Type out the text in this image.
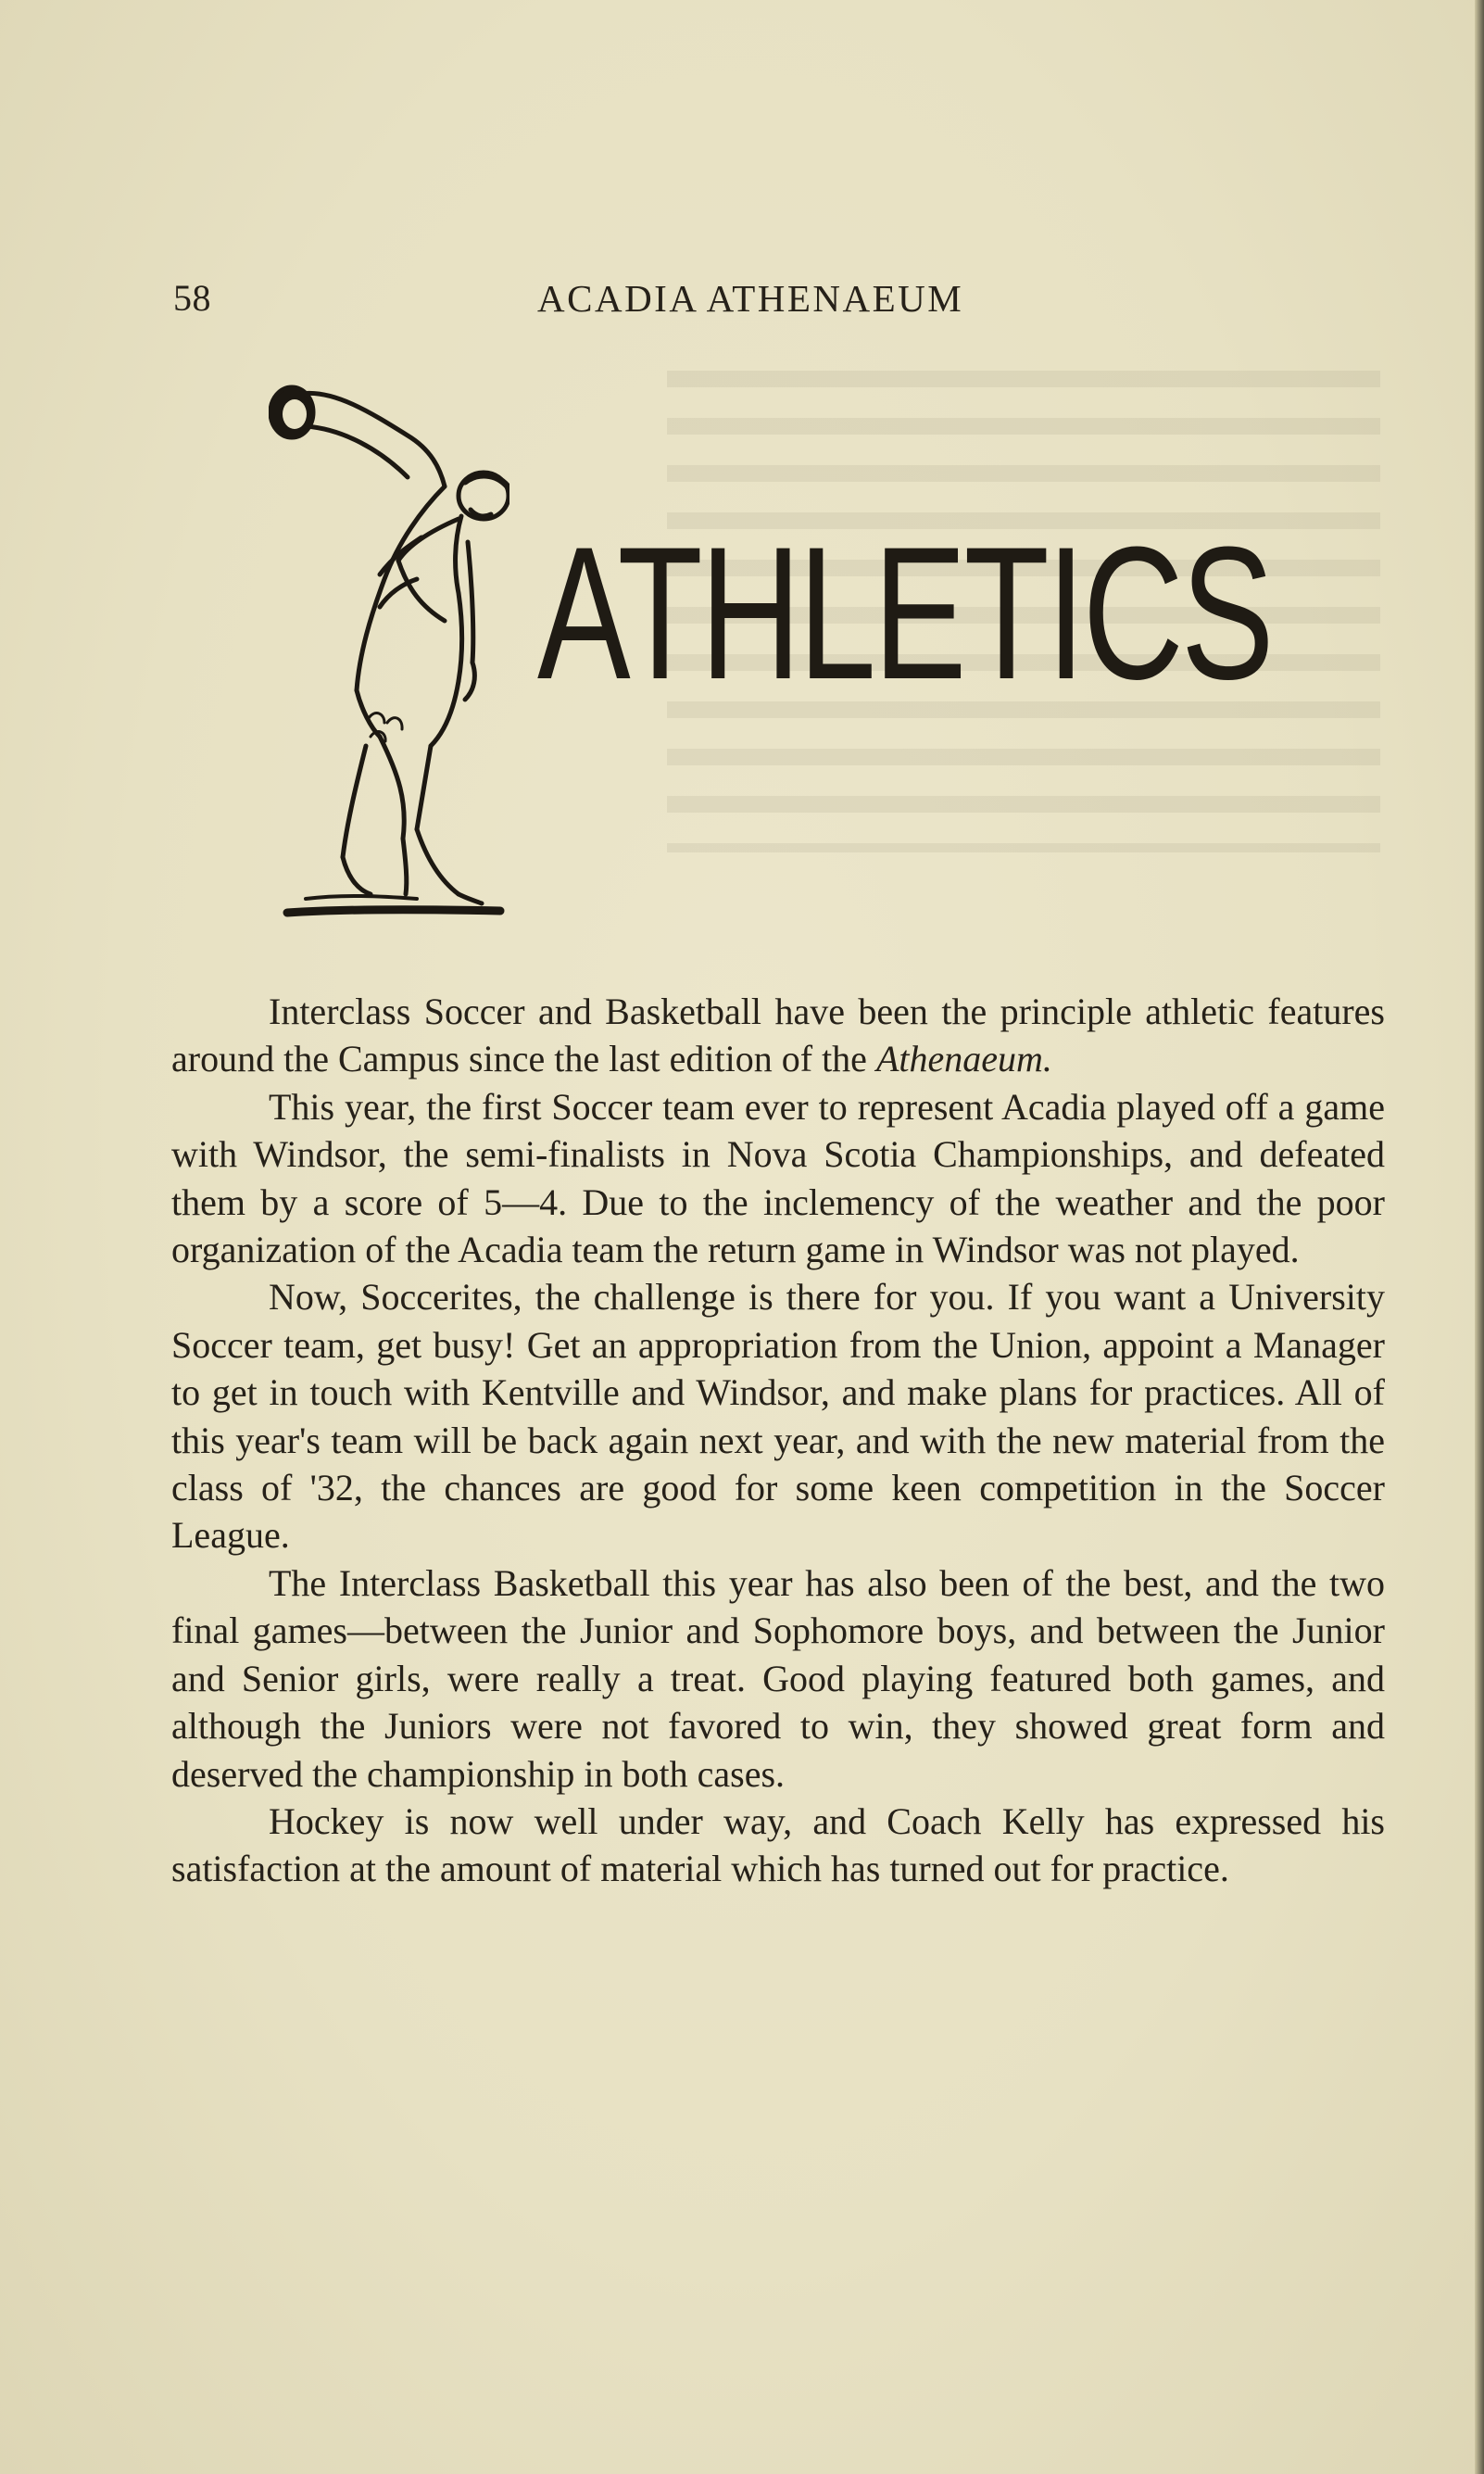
58	ACADIA ATHENAEUM
ATHLETICS

Interclass Soccer and Basketball have been the principle athletic features around the Campus since the last edition of the Athenaeum.

This year, the first Soccer team ever to represent Acadia played off a game with Windsor, the semi-finalists in Nova Scotia Championships, and defeated them by a score of 5—4. Due to the inclemency of the weather and the poor organization of the Acadia team the return game in Windsor was not played.

Now, Soccerites, the challenge is there for you. If you want a University Soccer team, get busy! Get an appropriation from the Union, appoint a Manager to get in touch with Kentville and Windsor, and make plans for practices. All of this year's team will be back again next year, and with the new material from the class of '32, the chances are good for some keen competition in the Soccer League.

The Interclass Basketball this year has also been of the best, and the two final games—between the Junior and Sophomore boys, and between the Junior and Senior girls, were really a treat. Good playing featured both games, and although the Juniors were not favored to win, they showed great form and deserved the championship in both cases.

Hockey is now well under way, and Coach Kelly has expressed his satisfaction at the amount of material which has turned out for practice.
